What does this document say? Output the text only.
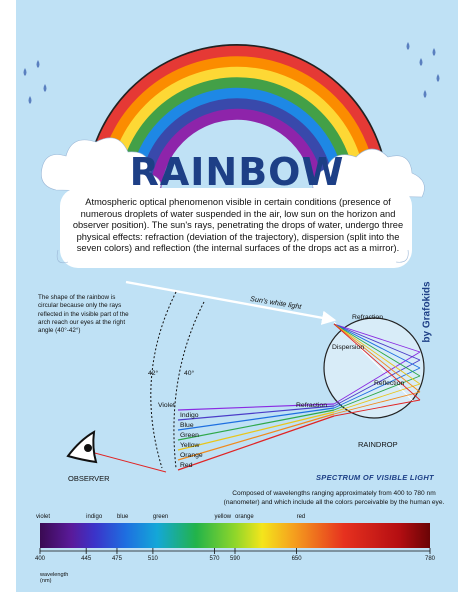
RAINBOW
Atmospheric optical phenomenon visible in certain conditions (presence of numerous droplets of water suspended in the air, low sun on the horizon and observer position). The sun's rays, penetrating the drops of water, undergo three physical effects: refraction (deviation of the trajectory), dispersion (split into the seven colors) and reflection (the internal surfaces of the drops act as a mirror).
by Grafokids
The shape of the rainbow is circular because only the rays reflected in the visible part of the arch reach our eyes at the right angle (40°-42°)
42°	40°
Sun's white light
Refraction
Dispersion
Reflection
Refraction
RAINDROP
OBSERVER
Violet
Indigo
Blue
Green
Yellow
Orange
Red
SPECTRUM OF VISIBLE LIGHT
Composed of wavelengths ranging approximately from 400 to 780 nm (nanometer) and which include all the colors perceivable by the human eye.
violet	indigo blue	green	yellow orange	red
400	445	475	510	570 590	650	780
wavelength
(nm)
